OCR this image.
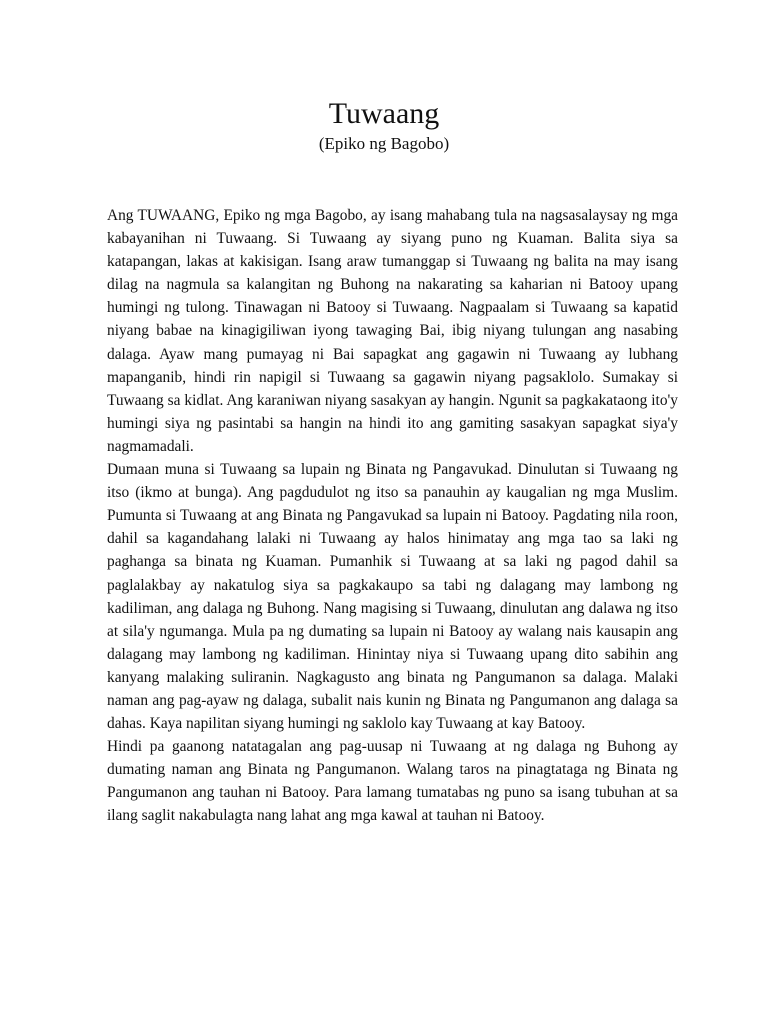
Tuwaang
(Epiko ng Bagobo)

Ang TUWAANG, Epiko ng mga Bagobo, ay isang mahabang tula na nagsasalaysay ng mga kabayanihan ni Tuwaang. Si Tuwaang ay siyang puno ng Kuaman. Balita siya sa katapangan, lakas at kakisigan. Isang araw tumanggap si Tuwaang ng balita na may isang dilag na nagmula sa kalangitan ng Buhong na nakarating sa kaharian ni Batooy upang humingi ng tulong. Tinawagan ni Batooy si Tuwaang. Nagpaalam si Tuwaang sa kapatid niyang babae na kinagigiliwan iyong tawaging Bai, ibig niyang tulungan ang nasabing dalaga. Ayaw mang pumayag ni Bai sapagkat ang gagawin ni Tuwaang ay lubhang mapanganib, hindi rin napigil si Tuwaang sa gagawin niyang pagsaklolo. Sumakay si Tuwaang sa kidlat. Ang karaniwan niyang sasakyan ay hangin. Ngunit sa pagkakataong ito'y humingi siya ng pasintabi sa hangin na hindi ito ang gamiting sasakyan sapagkat siya'y nagmamadali.

Dumaan muna si Tuwaang sa lupain ng Binata ng Pangavukad. Dinulutan si Tuwaang ng itso (ikmo at bunga). Ang pagdudulot ng itso sa panauhin ay kaugalian ng mga Muslim. Pumunta si Tuwaang at ang Binata ng Pangavukad sa lupain ni Batooy. Pagdating nila roon, dahil sa kagandahang lalaki ni Tuwaang ay halos hinimatay ang mga tao sa laki ng paghanga sa binata ng Kuaman. Pumanhik si Tuwaang at sa laki ng pagod dahil sa paglalakbay ay nakatulog siya sa pagkakaupo sa tabi ng dalagang may lambong ng kadiliman, ang dalaga ng Buhong. Nang magising si Tuwaang, dinulutan ang dalawa ng itso at sila'y ngumanga. Mula pa ng dumating sa lupain ni Batooy ay walang nais kausapin ang dalagang may lambong ng kadiliman. Hinintay niya si Tuwaang upang dito sabihin ang kanyang malaking suliranin. Nagkagusto ang binata ng Pangumanon sa dalaga. Malaki naman ang pag-ayaw ng dalaga, subalit nais kunin ng Binata ng Pangumanon ang dalaga sa dahas. Kaya napilitan siyang humingi ng saklolo kay Tuwaang at kay Batooy.

Hindi pa gaanong natatagalan ang pag-uusap ni Tuwaang at ng dalaga ng Buhong ay dumating naman ang Binata ng Pangumanon. Walang taros na pinagtataga ng Binata ng Pangumanon ang tauhan ni Batooy. Para lamang tumatabas ng puno sa isang tubuhan at sa ilang saglit nakabulagta nang lahat ang mga kawal at tauhan ni Batooy.
